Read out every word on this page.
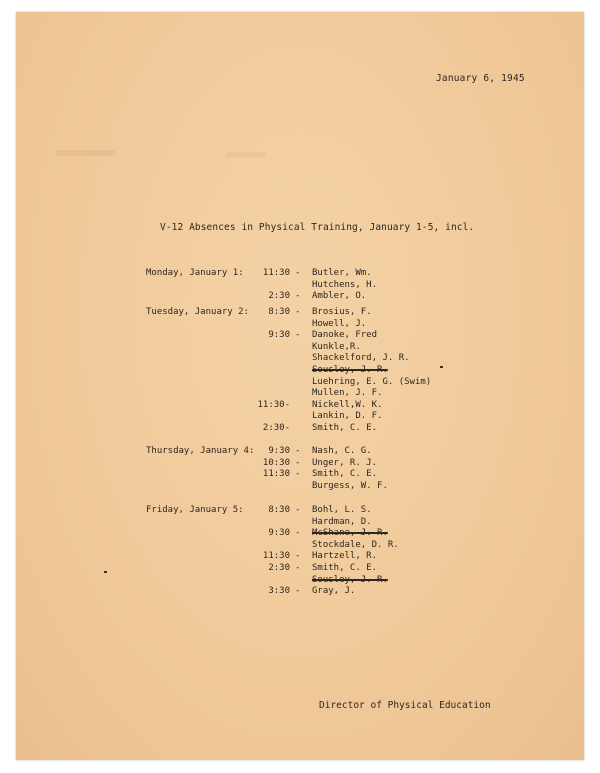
January 6, 1945
V-12 Absences in Physical Training, January 1-5, incl.
Monday, January 1:	11:30 - Butler, Wm.
Hutchens, H.
2:30 - Ambler, O.
Tuesday, January 2:	8:30 - Brosius, F.
Howell, J.
9:30 - Danoke, Fred
Kunkle,R.
Shackelford, J. R.
Sousley, J. R.
Luehring, E. G. (Swim)
Mullen, J. F.
11:30- Nickell,W. K.
Lankin, D. F.
2:30- Smith, C. E.
Thursday, January 4:	9:30 - Nash, C. G.
10:30 - Unger, R. J.
11:30 - Smith, C. E.
Burgess, W. F.
Friday, January 5:	8:30 - Bohl, L. S.
Hardman, D.
9:30 - McShane, J. R.
Stockdale, D. R.
11:30 - Hartzell, R.
2:30 - Smith, C. E.
Sousley, J. R.
3:30 - Gray, J.
Director of Physical Education
